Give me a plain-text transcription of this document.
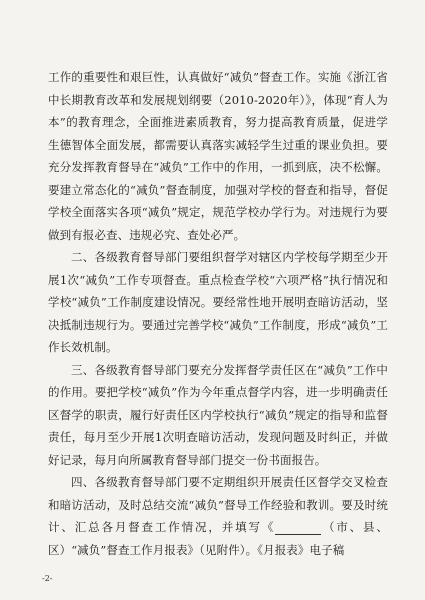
工作的重要性和艰巨性，认真做好“减负”督查工作。实施《浙江省中长期教育改革和发展规划纲要（2010-2020年）》，体现“育人为本”的教育理念，全面推进素质教育，努力提高教育质量，促进学生德智体全面发展，都需要认真落实减轻学生过重的课业负担。要充分发挥教育督导在“减负”工作中的作用，一抓到底，决不松懈。要建立常态化的“减负”督查制度，加强对学校的督查和指导，督促学校全面落实各项“减负”规定，规范学校办学行为。对违规行为要做到有报必查、违规必究、查处必严。

二、各级教育督导部门要组织督学对辖区内学校每学期至少开展1次“减负”工作专项督查。重点检查学校“六项严格”执行情况和学校“减负”工作制度建设情况。要经常性地开展明查暗访活动，坚决抵制违规行为。要通过完善学校“减负”工作制度，形成“减负”工作长效机制。

三、各级教育督导部门要充分发挥督学责任区在“减负”工作中的作用。要把学校“减负”作为今年重点督学内容，进一步明确责任区督学的职责，履行好责任区内学校执行“减负”规定的指导和监督责任，每月至少开展1次明查暗访活动，发现问题及时纠正，并做好记录，每月向所属教育督导部门提交一份书面报告。

四、各级教育督导部门要不定期组织开展责任区督学交叉检查和暗访活动，及时总结交流“减负”督导工作经验和教训。要及时统计、汇总各月督查工作情况，并填写《	（市、县、区）“减负”督查工作月报表》（见附件）。《月报表》电子稿

-2-
